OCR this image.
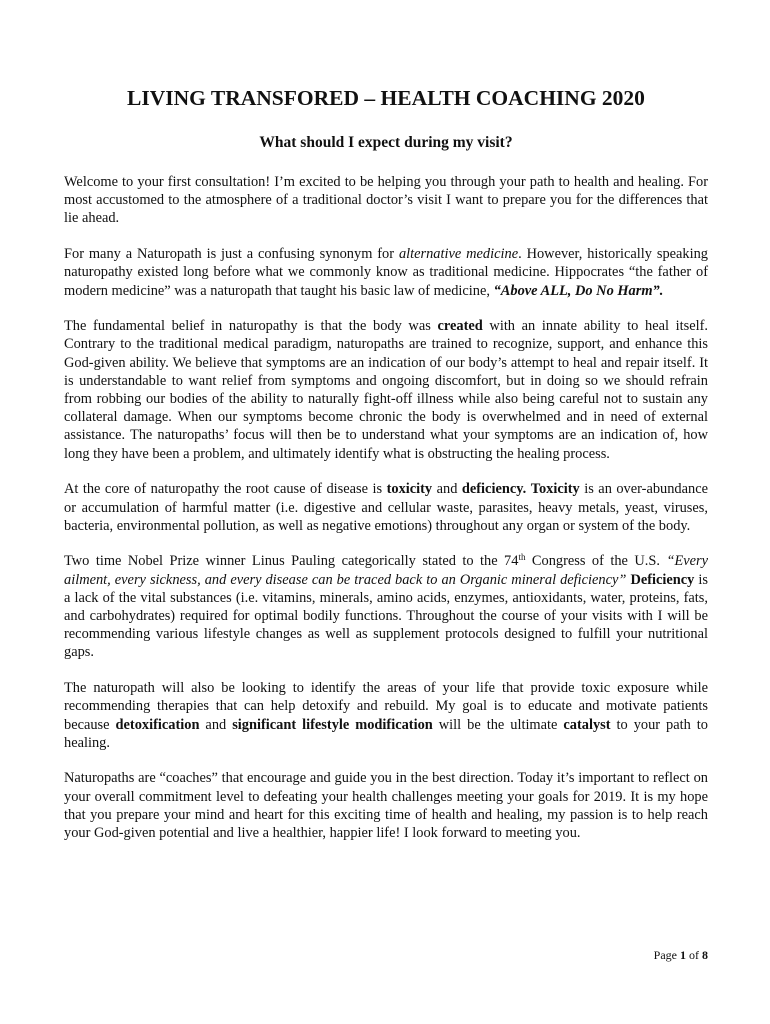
LIVING TRANSFORED – HEALTH COACHING 2020
What should I expect during my visit?

Welcome to your first consultation! I’m excited to be helping you through your path to health and healing. For most accustomed to the atmosphere of a traditional doctor’s visit I want to prepare you for the differences that lie ahead.

For many a Naturopath is just a confusing synonym for alternative medicine. However, historically speaking naturopathy existed long before what we commonly know as traditional medicine. Hippocrates “the father of modern medicine” was a naturopath that taught his basic law of medicine, “Above ALL, Do No Harm”.

The fundamental belief in naturopathy is that the body was created with an innate ability to heal itself. Contrary to the traditional medical paradigm, naturopaths are trained to recognize, support, and enhance this God-given ability. We believe that symptoms are an indication of our body’s attempt to heal and repair itself. It is understandable to want relief from symptoms and ongoing discomfort, but in doing so we should refrain from robbing our bodies of the ability to naturally fight-off illness while also being careful not to sustain any collateral damage. When our symptoms become chronic the body is overwhelmed and in need of external assistance. The naturopaths’ focus will then be to understand what your symptoms are an indication of, how long they have been a problem, and ultimately identify what is obstructing the healing process.

At the core of naturopathy the root cause of disease is toxicity and deficiency. Toxicity is an over-abundance or accumulation of harmful matter (i.e. digestive and cellular waste, parasites, heavy metals, yeast, viruses, bacteria, environmental pollution, as well as negative emotions) throughout any organ or system of the body.

Two time Nobel Prize winner Linus Pauling categorically stated to the 74th Congress of the U.S. “Every ailment, every sickness, and every disease can be traced back to an Organic mineral deficiency” Deficiency is a lack of the vital substances (i.e. vitamins, minerals, amino acids, enzymes, antioxidants, water, proteins, fats, and carbohydrates) required for optimal bodily functions. Throughout the course of your visits with I will be recommending various lifestyle changes as well as supplement protocols designed to fulfill your nutritional gaps.

The naturopath will also be looking to identify the areas of your life that provide toxic exposure while recommending therapies that can help detoxify and rebuild. My goal is to educate and motivate patients because detoxification and significant lifestyle modification will be the ultimate catalyst to your path to healing.

Naturopaths are “coaches” that encourage and guide you in the best direction. Today it’s important to reflect on your overall commitment level to defeating your health challenges meeting your goals for 2019. It is my hope that you prepare your mind and heart for this exciting time of health and healing, my passion is to help reach your God-given potential and live a healthier, happier life! I look forward to meeting you.

Page 1 of 8
